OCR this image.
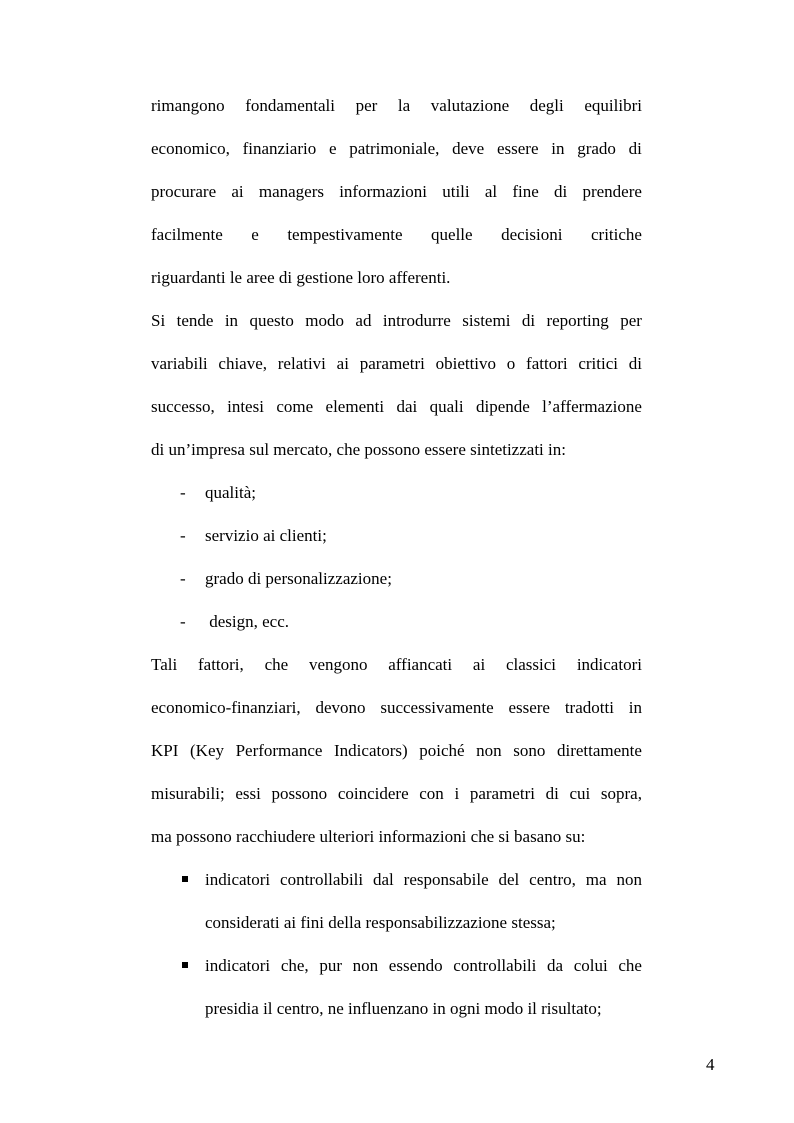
rimangono fondamentali per la valutazione degli equilibri
economico, finanziario e patrimoniale, deve essere in grado di
procurare ai managers informazioni utili al fine di prendere
facilmente e tempestivamente quelle decisioni critiche
riguardanti le aree di gestione loro afferenti.
Si tende in questo modo ad introdurre sistemi di reporting per
variabili chiave, relativi ai parametri obiettivo o fattori critici di
successo, intesi come elementi dai quali dipende l’affermazione
di un’impresa sul mercato, che possono essere sintetizzati in:
- qualità;
- servizio ai clienti;
- grado di personalizzazione;
- design, ecc.
Tali fattori, che vengono affiancati ai classici indicatori
economico-finanziari, devono successivamente essere tradotti in
KPI (Key Performance Indicators) poiché non sono direttamente
misurabili; essi possono coincidere con i parametri di cui sopra,
ma possono racchiudere ulteriori informazioni che si basano su:
indicatori controllabili dal responsabile del centro, ma non
considerati ai fini della responsabilizzazione stessa;
indicatori che, pur non essendo controllabili da colui che
presidia il centro, ne influenzano in ogni modo il risultato;
4
